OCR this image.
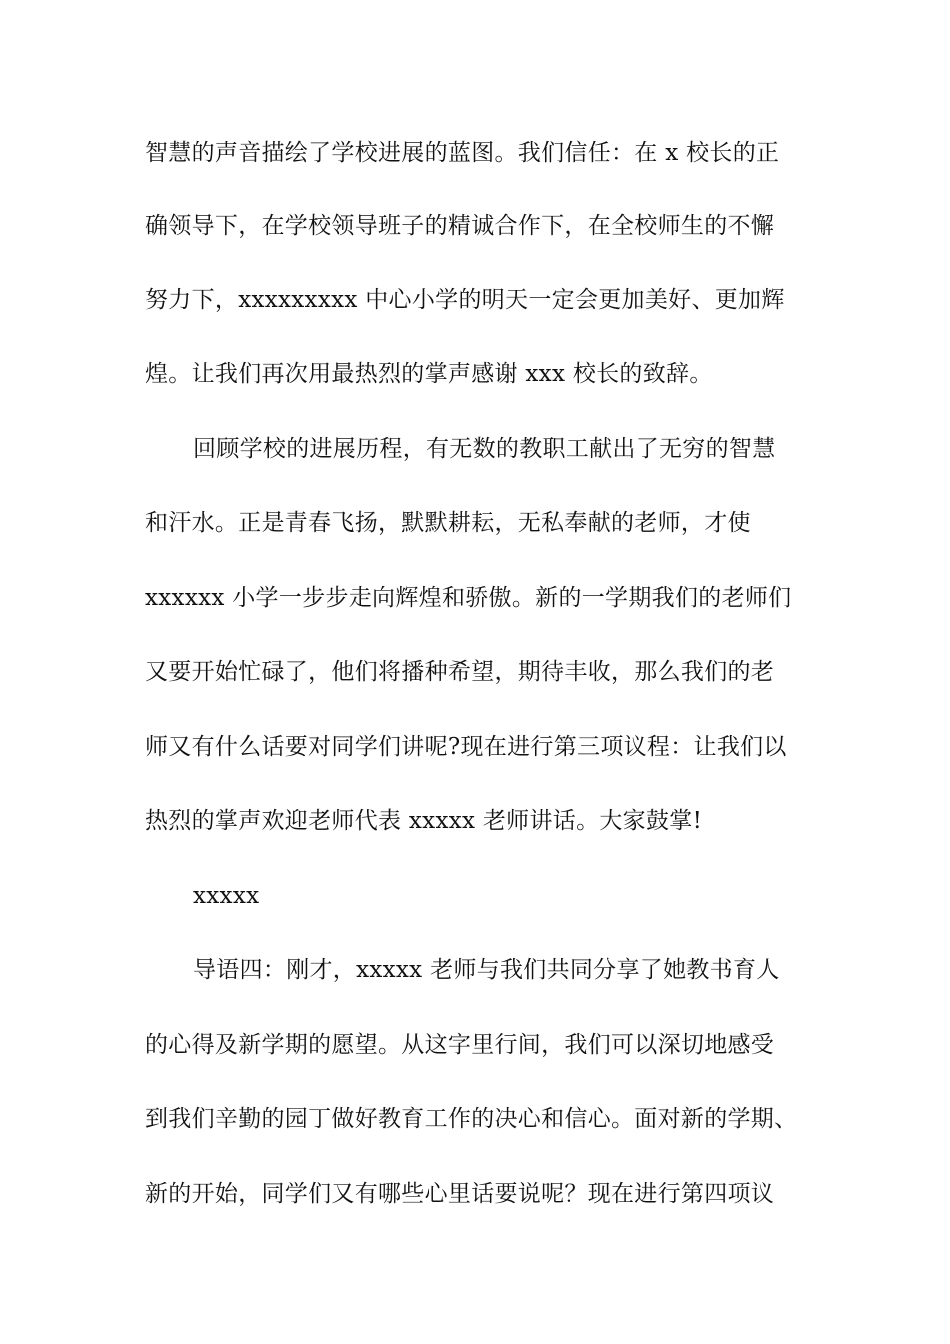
智慧的声音描绘了学校进展的蓝图。我们信任：在 x 校长的正
确领导下，在学校领导班子的精诚合作下，在全校师生的不懈
努力下，xxxxxxxxx 中心小学的明天一定会更加美好、更加辉
煌。让我们再次用最热烈的掌声感谢 xxx 校长的致辞。
回顾学校的进展历程，有无数的教职工献出了无穷的智慧
和汗水。正是青春飞扬，默默耕耘，无私奉献的老师，才使
xxxxxx 小学一步步走向辉煌和骄傲。新的一学期我们的老师们
又要开始忙碌了，他们将播种希望，期待丰收，那么我们的老
师又有什么话要对同学们讲呢?现在进行第三项议程：让我们以
热烈的掌声欢迎老师代表 xxxxx 老师讲话。大家鼓掌!
xxxxx
导语四：刚才，xxxxx 老师与我们共同分享了她教书育人
的心得及新学期的愿望。从这字里行间，我们可以深切地感受
到我们辛勤的园丁做好教育工作的决心和信心。面对新的学期、
新的开始，同学们又有哪些心里话要说呢？现在进行第四项议
